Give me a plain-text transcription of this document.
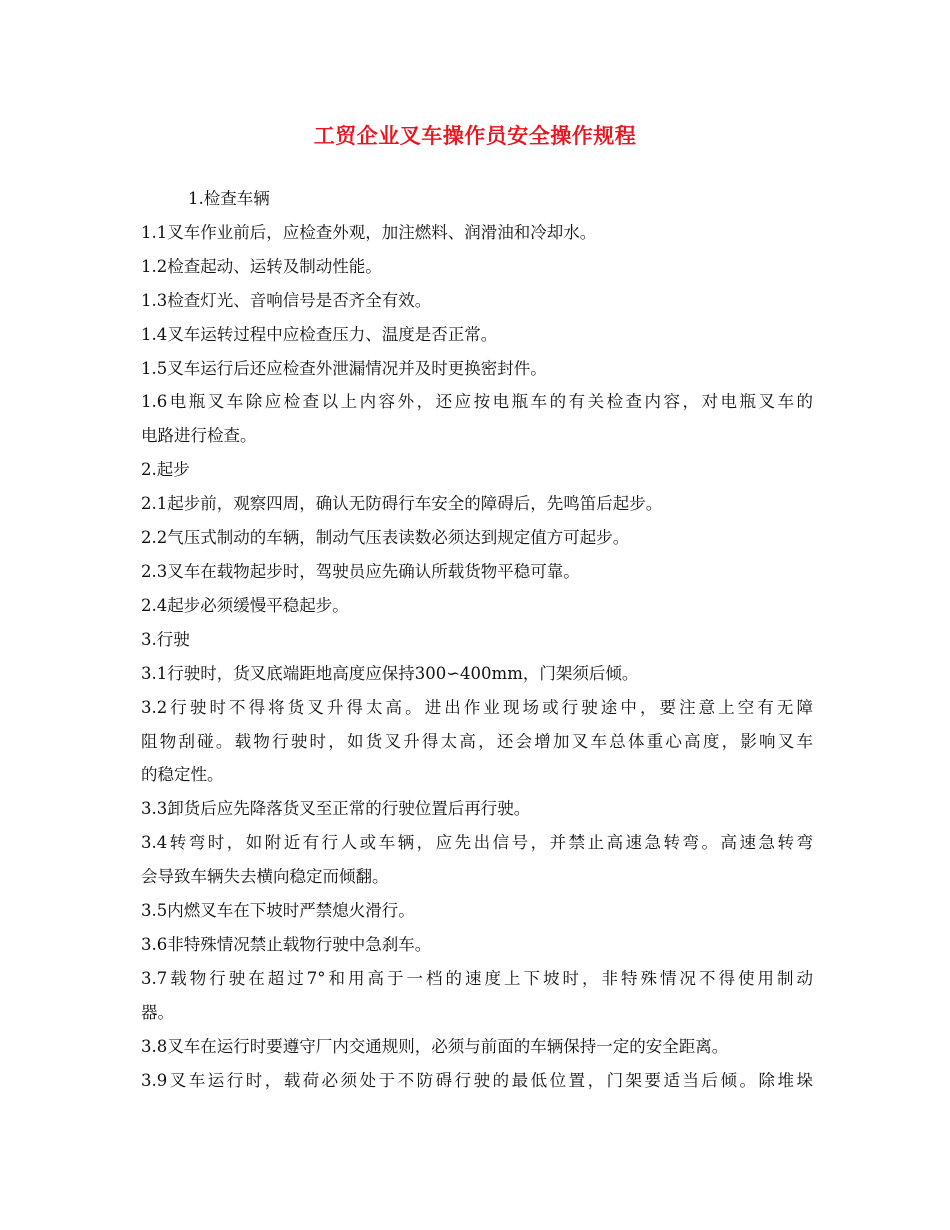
工贸企业叉车操作员安全操作规程
1.检查车辆
1.1叉车作业前后，应检查外观，加注燃料、润滑油和冷却水。
1.2检查起动、运转及制动性能。
1.3检查灯光、音响信号是否齐全有效。
1.4叉车运转过程中应检查压力、温度是否正常。
1.5叉车运行后还应检查外泄漏情况并及时更换密封件。
1.6电瓶叉车除应检查以上内容外，还应按电瓶车的有关检查内容，对电瓶叉车的
电路进行检查。
2.起步
2.1起步前，观察四周，确认无防碍行车安全的障碍后，先鸣笛后起步。
2.2气压式制动的车辆，制动气压表读数必须达到规定值方可起步。
2.3叉车在载物起步时，驾驶员应先确认所载货物平稳可靠。
2.4起步必须缓慢平稳起步。
3.行驶
3.1行驶时，货叉底端距地高度应保持300∽400mm，门架须后倾。
3.2行驶时不得将货叉升得太高。进出作业现场或行驶途中，要注意上空有无障
阻物刮碰。载物行驶时，如货叉升得太高，还会增加叉车总体重心高度，影响叉车
的稳定性。
3.3卸货后应先降落货叉至正常的行驶位置后再行驶。
3.4转弯时，如附近有行人或车辆，应先出信号，并禁止高速急转弯。高速急转弯
会导致车辆失去横向稳定而倾翻。
3.5内燃叉车在下坡时严禁熄火滑行。
3.6非特殊情况禁止载物行驶中急刹车。
3.7载物行驶在超过7°和用高于一档的速度上下坡时，非特殊情况不得使用制动
器。
3.8叉车在运行时要遵守厂内交通规则，必须与前面的车辆保持一定的安全距离。
3.9叉车运行时，载荷必须处于不防碍行驶的最低位置，门架要适当后倾。除堆垛
